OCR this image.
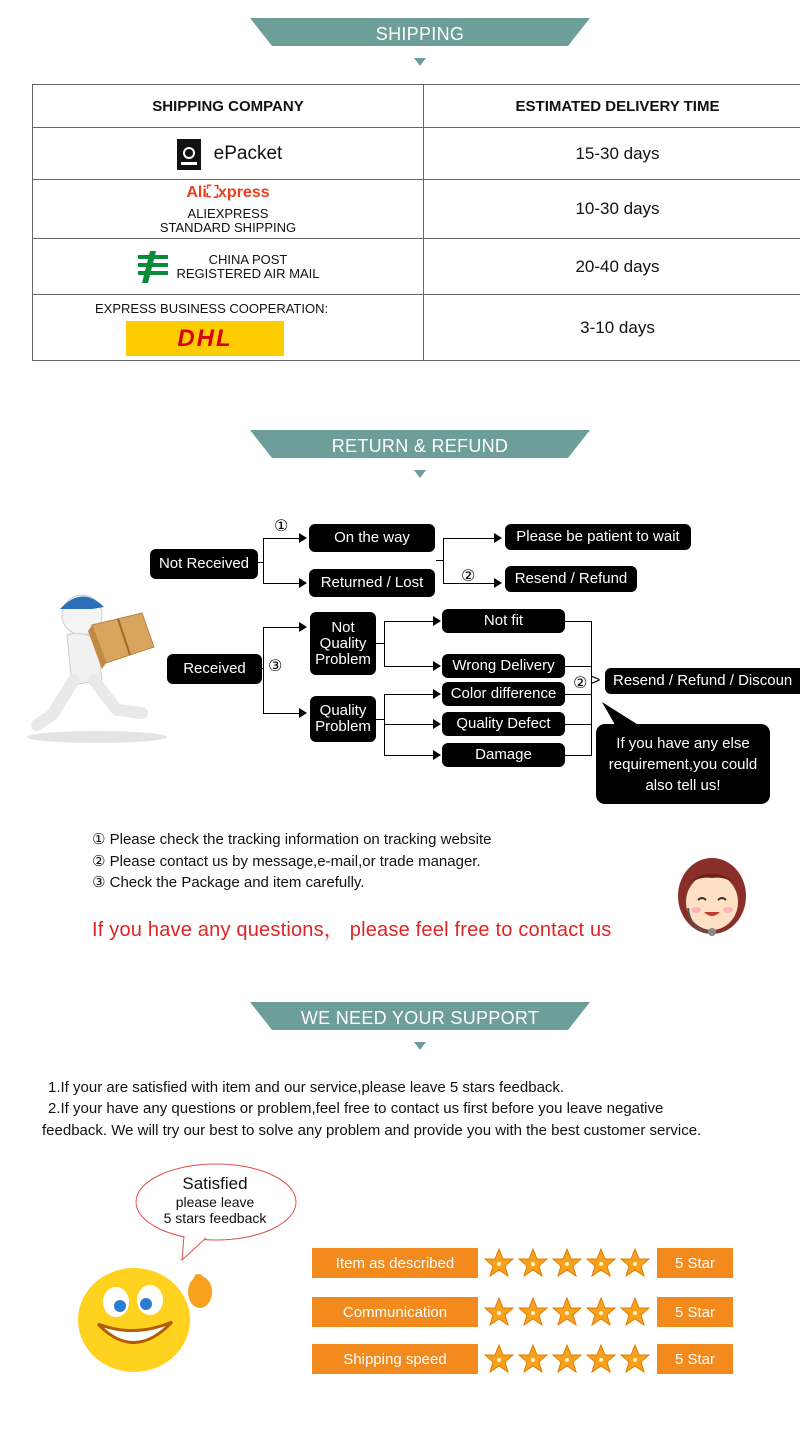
SHIPPING
SHIPPING COMPANY	ESTIMATED DELIVERY TIME

ePacket	15-30 days

Ali⛶xpress
ALIEXPRESS
STANDARD SHIPPING	10-30 days

CHINA POST
REGISTERED AIR MAIL	20-40 days

EXPRESS BUSINESS COOPERATION:
DHL	3-10 days
RETURN & REFUND
Not Received
On the way
Returned / Lost
Please be patient to wait
Resend / Refund
Received
Not Quality Problem
Quality Problem
Not fit
Wrong Delivery
Color difference
Quality Defect
Damage
Resend / Refund / Discoun
If you have any else requirement,you could also tell us!
①
②
③
② >
① Please check the tracking information on tracking website
② Please contact us by message,e-mail,or trade manager.
③ Check the Package and item carefully.
If you have any questions， please feel free to contact us
WE NEED YOUR SUPPORT
1.If your are satisfied with item and our service,please leave 5 stars feedback.
2.If your have any questions or problem,feel free to contact us first before you leave negative
feedback. We will try our best to solve any problem and provide you with the best customer service.
Satisfied
please leave
5 stars feedback
Item as described	5 Star
Communication	5 Star
Shipping speed	5 Star
